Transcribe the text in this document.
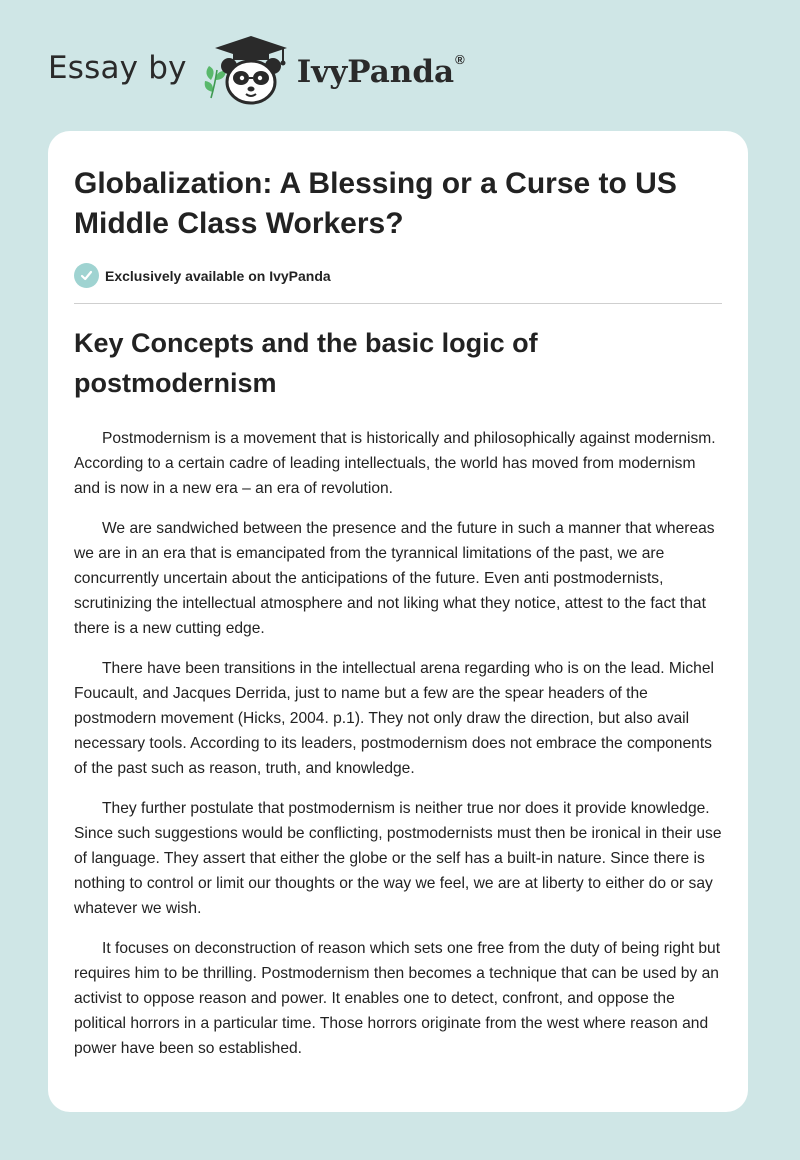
Essay by	IvyPanda®
Globalization: A Blessing or a Curse to US Middle Class Workers?
Exclusively available on IvyPanda
Key Concepts and the basic logic of postmodernism

Postmodernism is a movement that is historically and philosophically against modernism. According to a certain cadre of leading intellectuals, the world has moved from modernism and is now in a new era – an era of revolution.

We are sandwiched between the presence and the future in such a manner that whereas we are in an era that is emancipated from the tyrannical limitations of the past, we are concurrently uncertain about the anticipations of the future. Even anti postmodernists, scrutinizing the intellectual atmosphere and not liking what they notice, attest to the fact that there is a new cutting edge.

There have been transitions in the intellectual arena regarding who is on the lead. Michel Foucault, and Jacques Derrida, just to name but a few are the spear headers of the postmodern movement (Hicks, 2004. p.1). They not only draw the direction, but also avail necessary tools. According to its leaders, postmodernism does not embrace the components of the past such as reason, truth, and knowledge.

They further postulate that postmodernism is neither true nor does it provide knowledge. Since such suggestions would be conflicting, postmodernists must then be ironical in their use of language. They assert that either the globe or the self has a built-in nature. Since there is nothing to control or limit our thoughts or the way we feel, we are at liberty to either do or say whatever we wish.

It focuses on deconstruction of reason which sets one free from the duty of being right but requires him to be thrilling. Postmodernism then becomes a technique that can be used by an activist to oppose reason and power. It enables one to detect, confront, and oppose the political horrors in a particular time. Those horrors originate from the west where reason and power have been so established.
